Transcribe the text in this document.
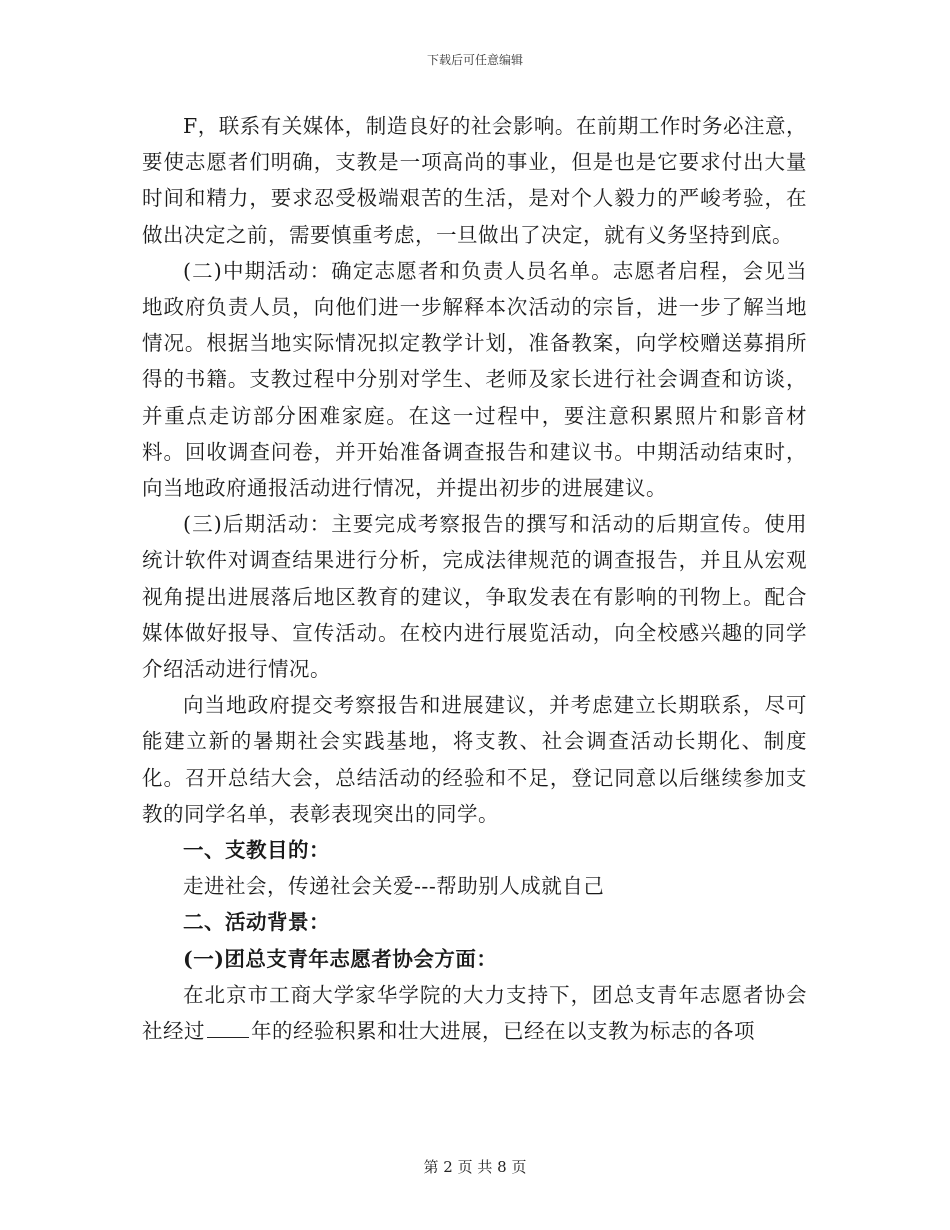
下载后可任意编辑

F，联系有关媒体，制造良好的社会影响。在前期工作时务必注意，要使志愿者们明确，支教是一项高尚的事业，但是也是它要求付出大量时间和精力，要求忍受极端艰苦的生活，是对个人毅力的严峻考验，在做出决定之前，需要慎重考虑，一旦做出了决定，就有义务坚持到底。

(二)中期活动：确定志愿者和负责人员名单。志愿者启程，会见当地政府负责人员，向他们进一步解释本次活动的宗旨，进一步了解当地情况。根据当地实际情况拟定教学计划，准备教案，向学校赠送募捐所得的书籍。支教过程中分别对学生、老师及家长进行社会调查和访谈，并重点走访部分困难家庭。在这一过程中，要注意积累照片和影音材料。回收调查问卷，并开始准备调查报告和建议书。中期活动结束时，向当地政府通报活动进行情况，并提出初步的进展建议。

(三)后期活动：主要完成考察报告的撰写和活动的后期宣传。使用统计软件对调查结果进行分析，完成法律规范的调查报告，并且从宏观视角提出进展落后地区教育的建议，争取发表在有影响的刊物上。配合媒体做好报导、宣传活动。在校内进行展览活动，向全校感兴趣的同学介绍活动进行情况。

向当地政府提交考察报告和进展建议，并考虑建立长期联系，尽可能建立新的暑期社会实践基地，将支教、社会调查活动长期化、制度化。召开总结大会，总结活动的经验和不足，登记同意以后继续参加支教的同学名单，表彰表现突出的同学。

一、支教目的：

走进社会，传递社会关爱---帮助别人成就自己

二、活动背景：

(一)团总支青年志愿者协会方面：

在北京市工商大学家华学院的大力支持下，团总支青年志愿者协会社经过 年的经验积累和壮大进展，已经在以支教为标志的各项

第 2 页 共 8 页
